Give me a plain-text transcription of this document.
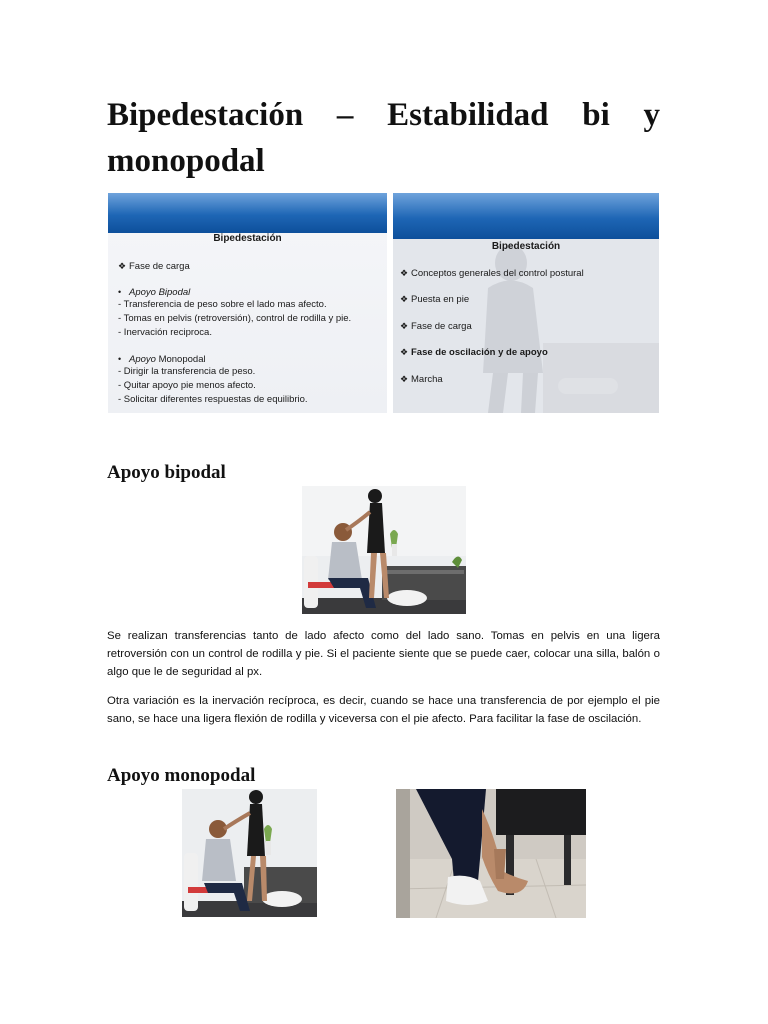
Bipedestación – Estabilidad bi y monopodal
Bipedestación
❖ Fase de carga
• Apoyo Bipodal
- Transferencia de peso sobre el lado mas afecto.
- Tomas en pelvis (retroversión), control de rodilla y pie.
- Inervación reciproca.
• Apoyo Monopodal
- Dirigir la transferencia de peso.
- Quitar apoyo pie menos afecto.
- Solicitar diferentes respuestas de equilibrio.
Bipedestación
❖ Conceptos generales del control postural
❖ Puesta en pie
❖ Fase de carga
❖ Fase de oscilación y de apoyo
❖ Marcha
Apoyo bipodal

Se realizan transferencias tanto de lado afecto como del lado sano. Tomas en pelvis en una ligera retroversión con un control de rodilla y pie. Si el paciente siente que se puede caer, colocar una silla, balón o algo que le de seguridad al px.

Otra variación es la inervación recíproca, es decir, cuando se hace una transferencia de por ejemplo el pie sano, se hace una ligera flexión de rodilla y viceversa con el pie afecto. Para facilitar la fase de oscilación.

Apoyo monopodal
